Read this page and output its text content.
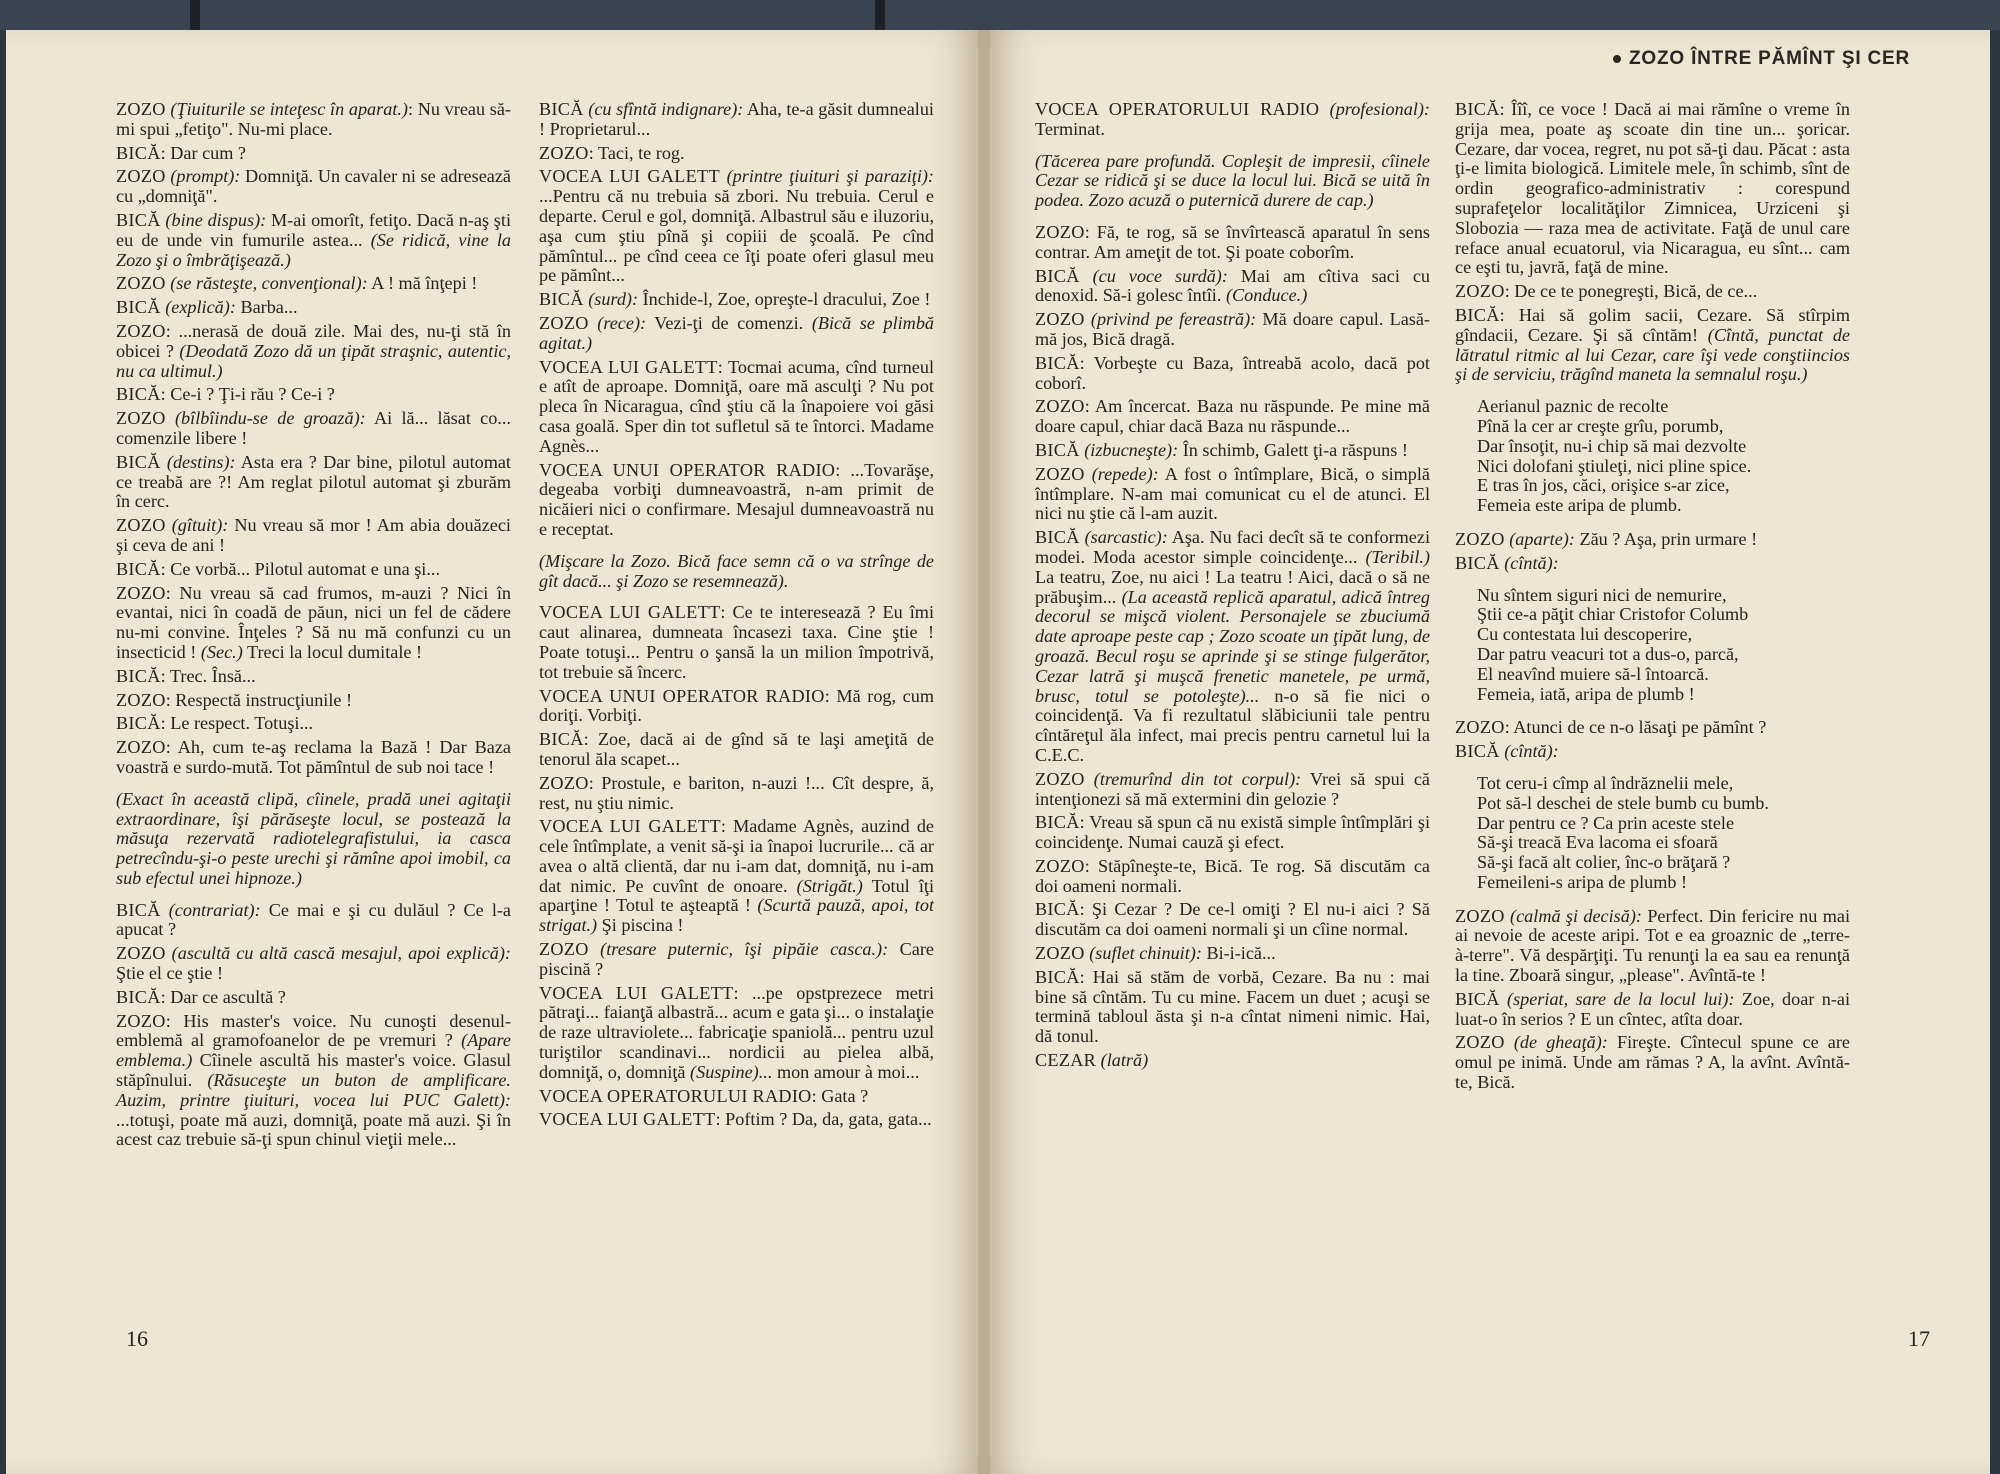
ZOZO (Ţiuiturile se inteţesc în aparat.): Nu vreau să-mi spui „fetiţo". Nu-mi place.

BICĂ: Dar cum ?

ZOZO (prompt): Domniţă. Un cavaler ni se adresează cu „domniţă".

BICĂ (bine dispus): M-ai omorît, fetiţo. Dacă n-aş şti eu de unde vin fumurile astea... (Se ridică, vine la Zozo şi o îmbrăţişează.)

ZOZO (se răsteşte, convenţional): A ! mă înţepi !

BICĂ (explică): Barba...

ZOZO: ...nerasă de două zile. Mai des, nu-ţi stă în obicei ? (Deodată Zozo dă un ţipăt straşnic, autentic, nu ca ultimul.)

BICĂ: Ce-i ? Ţi-i rău ? Ce-i ?

ZOZO (bîlbîindu-se de groază): Ai lă... lăsat co... comenzile libere !

BICĂ (destins): Asta era ? Dar bine, pilotul automat ce treabă are ?! Am reglat pilotul automat şi zburăm în cerc.

ZOZO (gîtuit): Nu vreau să mor ! Am abia douăzeci şi ceva de ani !

BICĂ: Ce vorbă... Pilotul automat e una şi...

ZOZO: Nu vreau să cad frumos, m-auzi ? Nici în evantai, nici în coadă de păun, nici un fel de cădere nu-mi convine. Înţeles ? Să nu mă confunzi cu un insecticid ! (Sec.) Treci la locul dumitale !

BICĂ: Trec. Însă...

ZOZO: Respectă instrucţiunile !

BICĂ: Le respect. Totuşi...

ZOZO: Ah, cum te-aş reclama la Bază ! Dar Baza voastră e surdo-mută. Tot pămîntul de sub noi tace !

(Exact în această clipă, cîinele, pradă unei agitaţii extraordinare, îşi părăseşte locul, se postează la măsuţa rezervată radiotelegrafistului, ia casca petrecîndu-şi-o peste urechi şi rămîne apoi imobil, ca sub efectul unei hipnoze.)

BICĂ (contrariat): Ce mai e şi cu dulăul ? Ce l-a apucat ?

ZOZO (ascultă cu altă cască mesajul, apoi explică): Ştie el ce ştie !

BICĂ: Dar ce ascultă ?

ZOZO: His master's voice. Nu cunoşti desenul-emblemă al gramofoanelor de pe vremuri ? (Apare emblema.) Cîinele ascultă his master's voice. Glasul stăpînului. (Răsuceşte un buton de amplificare. Auzim, printre ţiuituri, vocea lui PUC Galett): ...totuşi, poate mă auzi, domniţă, poate mă auzi. Şi în acest caz trebuie să-ţi spun chinul vieţii mele...

BICĂ (cu sfîntă indignare): Aha, te-a găsit dumnealui ! Proprietarul...

ZOZO: Taci, te rog.

VOCEA LUI GALETT (printre ţiuituri şi paraziţi): ...Pentru că nu trebuia să zbori. Nu trebuia. Cerul e departe. Cerul e gol, domniţă. Albastrul său e iluzoriu, aşa cum ştiu pînă şi copiii de şcoală. Pe cînd pămîntul... pe cînd ceea ce îţi poate oferi glasul meu pe pămînt...

BICĂ (surd): Închide-l, Zoe, opreşte-l dracului, Zoe !

ZOZO (rece): Vezi-ţi de comenzi. (Bică se plimbă agitat.)

VOCEA LUI GALETT: Tocmai acuma, cînd turneul e atît de aproape. Domniţă, oare mă asculţi ? Nu pot pleca în Nicaragua, cînd ştiu că la înapoiere voi găsi casa goală. Sper din tot sufletul să te întorci. Madame Agnès...

VOCEA UNUI OPERATOR RADIO: ...Tovarăşe, degeaba vorbiţi dumneavoastră, n-am primit de nicăieri nici o confirmare. Mesajul dumneavoastră nu e receptat.

(Mişcare la Zozo. Bică face semn că o va strînge de gît dacă... şi Zozo se resemnează).

VOCEA LUI GALETT: Ce te interesează ? Eu îmi caut alinarea, dumneata încasezi taxa. Cine ştie ! Poate totuşi... Pentru o şansă la un milion împotrivă, tot trebuie să încerc.

VOCEA UNUI OPERATOR RADIO: Mă rog, cum doriţi. Vorbiţi.

BICĂ: Zoe, dacă ai de gînd să te laşi ameţită de tenorul ăla scapet...

ZOZO: Prostule, e bariton, n-auzi !... Cît despre, ă, rest, nu ştiu nimic.

VOCEA LUI GALETT: Madame Agnès, auzind de cele întîmplate, a venit să-şi ia înapoi lucrurile... că ar avea o altă clientă, dar nu i-am dat, domniţă, nu i-am dat nimic. Pe cuvînt de onoare. (Strigăt.) Totul îţi aparţine ! Totul te aşteaptă ! (Scurtă pauză, apoi, tot strigat.) Şi piscina !

ZOZO (tresare puternic, îşi pipăie casca.): Care piscină ?

VOCEA LUI GALETT: ...pe opstprezece metri pătraţi... faianţă albastră... acum e gata şi... o instalaţie de raze ultraviolete... fabricaţie spaniolă... pentru uzul turiştilor scandinavi... nordicii au pielea albă, domniţă, o, domniţă (Suspine)... mon amour à moi...

VOCEA OPERATORULUI RADIO: Gata ?

VOCEA LUI GALETT: Poftim ? Da, da, gata, gata...

16
ZOZO ÎNTRE PĂMÎNT ŞI CER

VOCEA OPERATORULUI RADIO (profesional): Terminat.

(Tăcerea pare profundă. Copleşit de impresii, cîinele Cezar se ridică şi se duce la locul lui. Bică se uită în podea. Zozo acuză o puternică durere de cap.)

ZOZO: Fă, te rog, să se învîrtească aparatul în sens contrar. Am ameţit de tot. Şi poate coborîm.

BICĂ (cu voce surdă): Mai am cîtiva saci cu denoxid. Să-i golesc întîi. (Conduce.)

ZOZO (privind pe fereastră): Mă doare capul. Lasă-mă jos, Bică dragă.

BICĂ: Vorbeşte cu Baza, întreabă acolo, dacă pot coborî.

ZOZO: Am încercat. Baza nu răspunde. Pe mine mă doare capul, chiar dacă Baza nu răspunde...

BICĂ (izbucneşte): În schimb, Galett ţi-a răspuns !

ZOZO (repede): A fost o întîmplare, Bică, o simplă întîmplare. N-am mai comunicat cu el de atunci. El nici nu ştie că l-am auzit.

BICĂ (sarcastic): Aşa. Nu faci decît să te conformezi modei. Moda acestor simple coincidenţe... (Teribil.) La teatru, Zoe, nu aici ! La teatru ! Aici, dacă o să ne prăbuşim... (La această replică aparatul, adică întreg decorul se mişcă violent. Personajele se zbuciumă date aproape peste cap ; Zozo scoate un ţipăt lung, de groază. Becul roşu se aprinde şi se stinge fulgerător, Cezar latră şi muşcă frenetic manetele, pe urmă, brusc, totul se potoleşte)... n-o să fie nici o coincidenţă. Va fi rezultatul slăbiciunii tale pentru cîntăreţul ăla infect, mai precis pentru carnetul lui la C.E.C.

ZOZO (tremurînd din tot corpul): Vrei să spui că intenţionezi să mă extermini din gelozie ?

BICĂ: Vreau să spun că nu există simple întîmplări şi coincidenţe. Numai cauză şi efect.

ZOZO: Stăpîneşte-te, Bică. Te rog. Să discutăm ca doi oameni normali.

BICĂ: Şi Cezar ? De ce-l omiţi ? El nu-i aici ? Să discutăm ca doi oameni normali şi un cîine normal.

ZOZO (suflet chinuit): Bi-i-ică...

BICĂ: Hai să stăm de vorbă, Cezare. Ba nu : mai bine să cîntăm. Tu cu mine. Facem un duet ; acuşi se termină tabloul ăsta şi n-a cîntat nimeni nimic. Hai, dă tonul.

CEZAR (latră)

BICĂ: Îîî, ce voce ! Dacă ai mai rămîne o vreme în grija mea, poate aş scoate din tine un... şoricar. Cezare, dar vocea, regret, nu pot să-ţi dau. Păcat : asta ţi-e limita biologică. Limitele mele, în schimb, sînt de ordin geografico-administrativ : corespund suprafeţelor localităţilor Zimnicea, Urziceni şi Slobozia — raza mea de activitate. Faţă de unul care reface anual ecuatorul, via Nicaragua, eu sînt... cam ce eşti tu, javră, faţă de mine.

ZOZO: De ce te ponegreşti, Bică, de ce...

BICĂ: Hai să golim sacii, Cezare. Să stîrpim gîndacii, Cezare. Şi să cîntăm! (Cîntă, punctat de lătratul ritmic al lui Cezar, care îşi vede conştiincios şi de serviciu, trăgînd maneta la semnalul roşu.)

Aerianul paznic de recolte
Pînă la cer ar creşte grîu, porumb,
Dar însoţit, nu-i chip să mai dezvolte
Nici dolofani ştiuleţi, nici pline spice.
E tras în jos, căci, orişice s-ar zice,
Femeia este aripa de plumb.

ZOZO (aparte): Zău ? Aşa, prin urmare !

BICĂ (cîntă):

Nu sîntem siguri nici de nemurire,
Ştii ce-a păţit chiar Cristofor Columb
Cu contestata lui descoperire,
Dar patru veacuri tot a dus-o, parcă,
El neavînd muiere să-l întoarcă.
Femeia, iată, aripa de plumb !

ZOZO: Atunci de ce n-o lăsaţi pe pămînt ?

BICĂ (cîntă):

Tot ceru-i cîmp al îndrăznelii mele,
Pot să-l deschei de stele bumb cu bumb.
Dar pentru ce ? Ca prin aceste stele
Să-şi treacă Eva lacoma ei sfoară
Să-şi facă alt colier, înc-o brăţară ?
Femeileni-s aripa de plumb !

ZOZO (calmă şi decisă): Perfect. Din fericire nu mai ai nevoie de aceste aripi. Tot e ea groaznic de „terre-à-terre". Vă despărţiţi. Tu renunţi la ea sau ea renunţă la tine. Zboară singur, „please". Avîntă-te !

BICĂ (speriat, sare de la locul lui): Zoe, doar n-ai luat-o în serios ? E un cîntec, atîta doar.

ZOZO (de gheaţă): Fireşte. Cîntecul spune ce are omul pe inimă. Unde am rămas ? A, la avînt. Avîntă-te, Bică.

17
